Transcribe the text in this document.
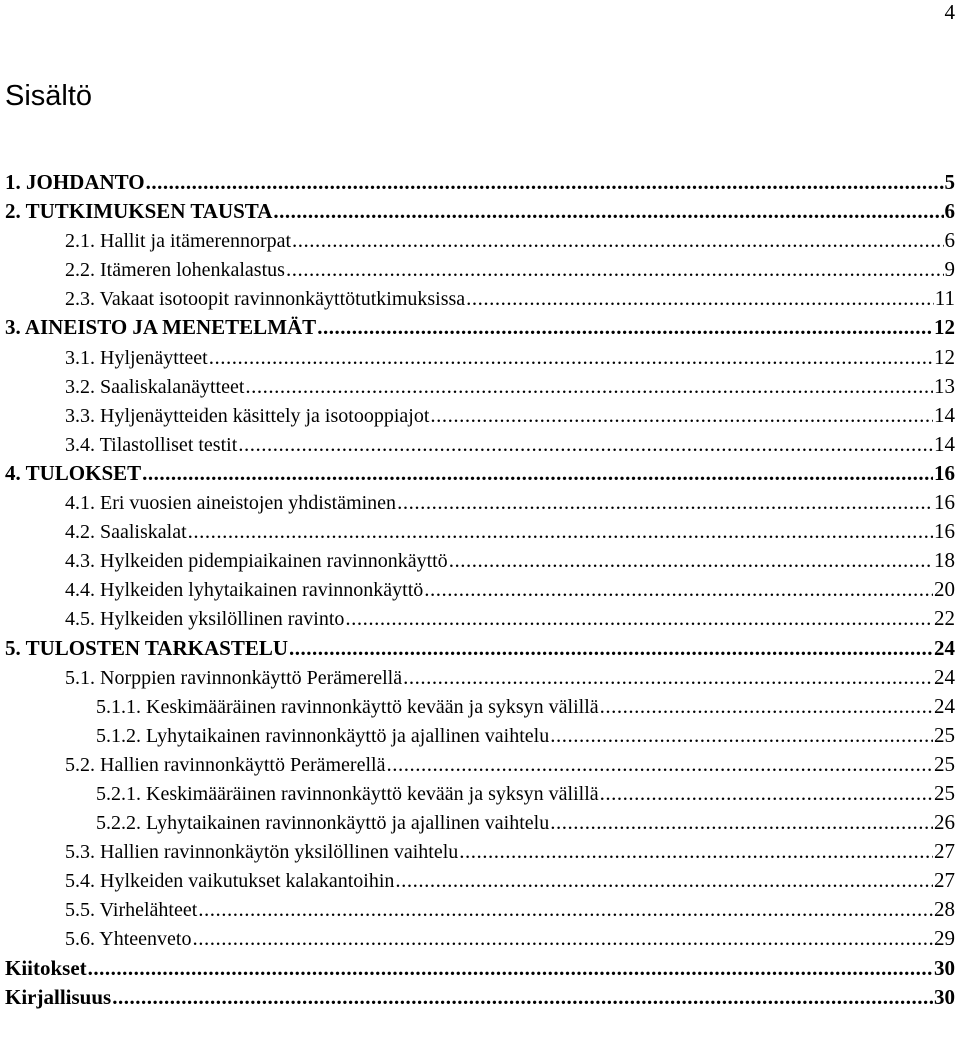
4
Sisältö
1. JOHDANTO .....	5
2. TUTKIMUKSEN TAUSTA .....	6
2.1. Hallit ja itämerennorpat .....	6
2.2. Itämeren lohenkalastus .....	9
2.3. Vakaat isotoopit ravinnonkäyttötutkimuksissa .....	11
3. AINEISTO JA MENETELMÄT .....	12
3.1. Hyljenäytteet .....	12
3.2. Saaliskalanäytteet .....	13
3.3. Hyljenäytteiden käsittely ja isotooppiajot .....	14
3.4. Tilastolliset testit .....	14
4. TULOKSET .....	16
4.1. Eri vuosien aineistojen yhdistäminen .....	16
4.2. Saaliskalat .....	16
4.3. Hylkeiden pidempiaikainen ravinnonkäyttö .....	18
4.4. Hylkeiden lyhytaikainen ravinnonkäyttö .....	20
4.5. Hylkeiden yksilöllinen ravinto .....	22
5. TULOSTEN TARKASTELU .....	24
5.1. Norppien ravinnonkäyttö Perämerellä .....	24
5.1.1. Keskimääräinen ravinnonkäyttö kevään ja syksyn välillä .....	24
5.1.2. Lyhytaikainen ravinnonkäyttö ja ajallinen vaihtelu .....	25
5.2. Hallien ravinnonkäyttö Perämerellä .....	25
5.2.1. Keskimääräinen ravinnonkäyttö kevään ja syksyn välillä .....	25
5.2.2. Lyhytaikainen ravinnonkäyttö ja ajallinen vaihtelu .....	26
5.3. Hallien ravinnonkäytön yksilöllinen vaihtelu .....	27
5.4. Hylkeiden vaikutukset kalakantoihin .....	27
5.5. Virhelähteet .....	28
5.6. Yhteenveto .....	29
Kiitokset .....	30
Kirjallisuus .....	30
